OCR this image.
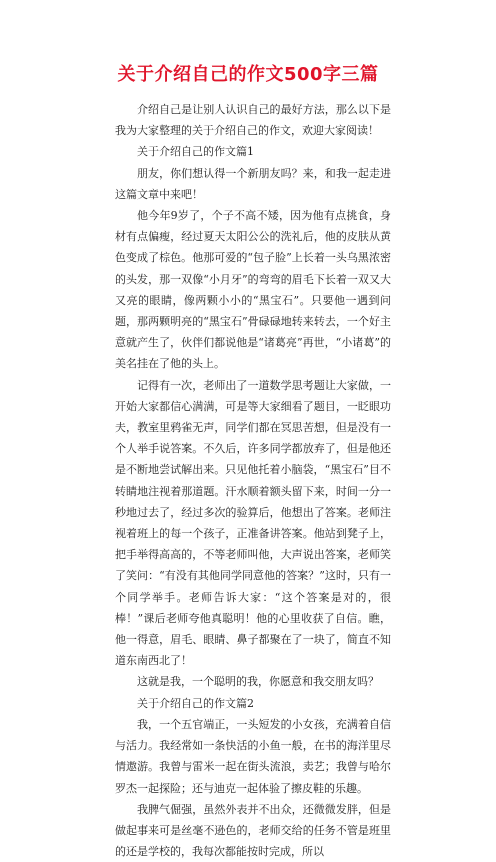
关于介绍自己的作文500字三篇

介绍自己是让别人认识自己的最好方法，那么以下是我为大家整理的关于介绍自己的作文，欢迎大家阅读！

关于介绍自己的作文篇1

朋友，你们想认得一个新朋友吗？来，和我一起走进这篇文章中来吧！

他今年9岁了，个子不高不矮，因为他有点挑食，身材有点偏瘦，经过夏天太阳公公的洗礼后，他的皮肤从黄色变成了棕色。他那可爱的“包子脸”上长着一头乌黑浓密的头发，那一双像“小月牙”的弯弯的眉毛下长着一双又大又亮的眼睛，像两颗小小的“黑宝石”。只要他一遇到问题，那两颗明亮的“黑宝石”骨碌碌地转来转去，一个好主意就产生了，伙伴们都说他是“诸葛亮”再世，“小诸葛”的美名挂在了他的头上。

记得有一次，老师出了一道数学思考题让大家做，一开始大家都信心满满，可是等大家细看了题目，一眨眼功夫，教室里鸦雀无声，同学们都在冥思苦想，但是没有一个人举手说答案。不久后，许多同学都放弃了，但是他还是不断地尝试解出来。只见他托着小脑袋，“黑宝石”目不转睛地注视着那道题。汗水顺着额头留下来，时间一分一秒地过去了，经过多次的验算后，他想出了答案。老师注视着班上的每一个孩子，正准备讲答案。他站到凳子上，把手举得高高的，不等老师叫他，大声说出答案，老师笑了笑问：“有没有其他同学同意他的答案？”这时，只有一个同学举手。老师告诉大家：“这个答案是对的，很棒！”课后老师夸他真聪明！他的心里收获了自信。瞧，他一得意，眉毛、眼睛、鼻子都聚在了一块了，简直不知道东南西北了！

这就是我，一个聪明的我，你愿意和我交朋友吗？

关于介绍自己的作文篇2

我，一个五官端正，一头短发的小女孩，充满着自信与活力。我经常如一条快活的小鱼一般，在书的海洋里尽情遨游。我曾与雷米一起在街头流浪，卖艺；我曾与哈尔罗杰一起探险；还与迪克一起体验了擦皮鞋的乐趣。

我脾气倔强，虽然外表并不出众，还微微发胖，但是做起事来可是丝毫不逊色的，老师交给的任务不管是班里的还是学校的，我每次都能按时完成，所以
